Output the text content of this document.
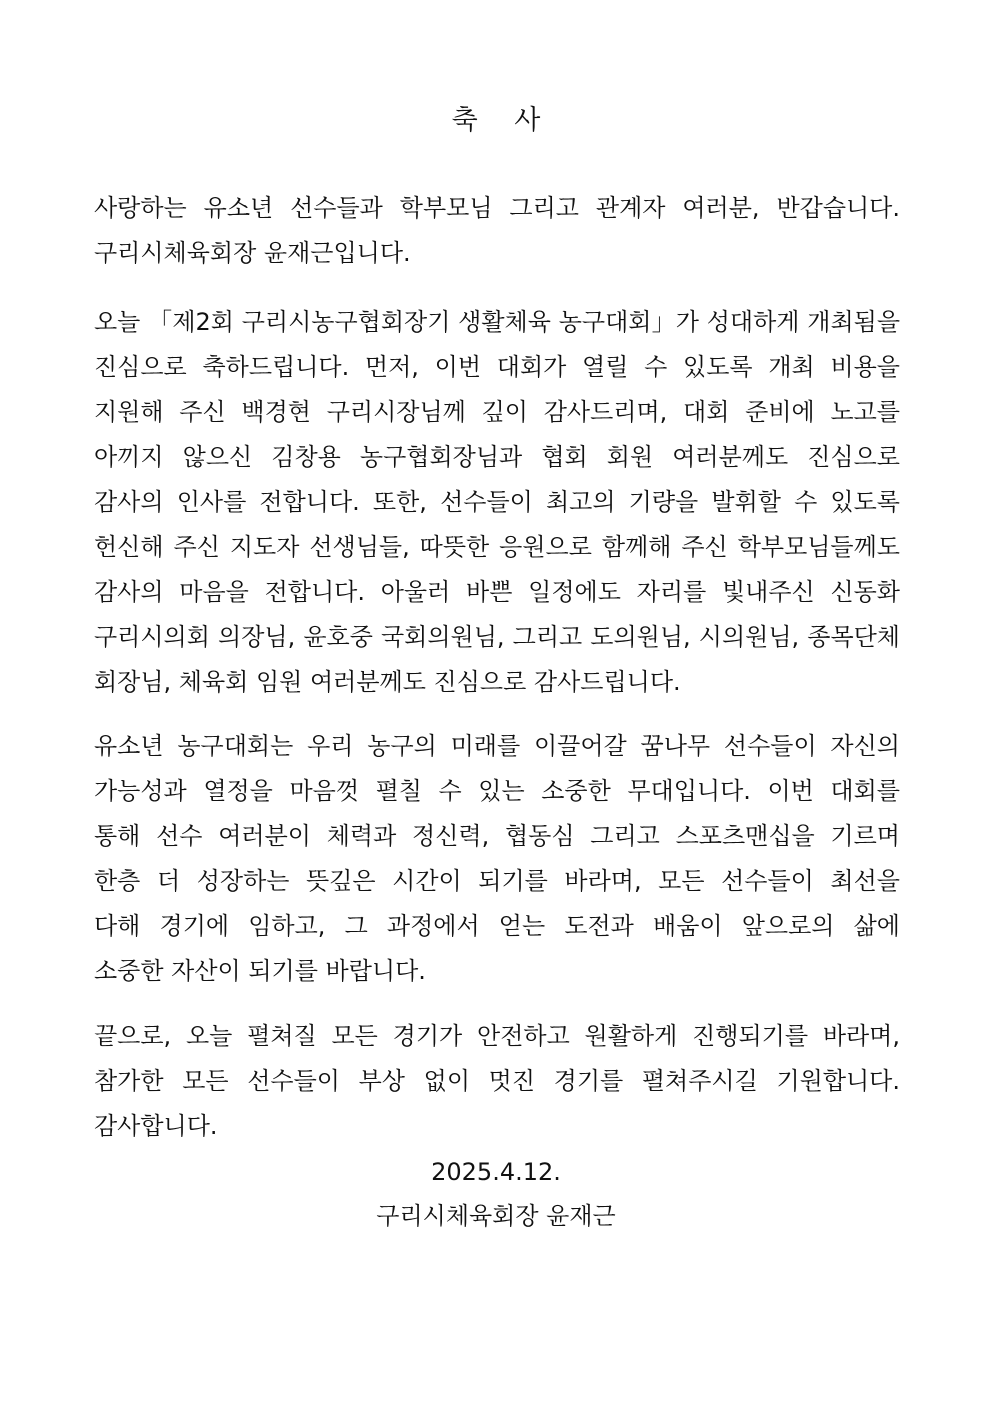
축 사
사랑하는 유소년 선수들과 학부모님 그리고 관계자 여러분, 반갑습니다.
구리시체육회장 윤재근입니다.
오늘 「제2회 구리시농구협회장기 생활체육 농구대회」가 성대하게 개최됨을
진심으로 축하드립니다. 먼저, 이번 대회가 열릴 수 있도록 개최 비용을
지원해 주신 백경현 구리시장님께 깊이 감사드리며, 대회 준비에 노고를
아끼지 않으신 김창용 농구협회장님과 협회 회원 여러분께도 진심으로
감사의 인사를 전합니다. 또한, 선수들이 최고의 기량을 발휘할 수 있도록
헌신해 주신 지도자 선생님들, 따뜻한 응원으로 함께해 주신 학부모님들께도
감사의 마음을 전합니다. 아울러 바쁜 일정에도 자리를 빛내주신 신동화
구리시의회 의장님, 윤호중 국회의원님, 그리고 도의원님, 시의원님, 종목단체
회장님, 체육회 임원 여러분께도 진심으로 감사드립니다.
유소년 농구대회는 우리 농구의 미래를 이끌어갈 꿈나무 선수들이 자신의
가능성과 열정을 마음껏 펼칠 수 있는 소중한 무대입니다. 이번 대회를
통해 선수 여러분이 체력과 정신력, 협동심 그리고 스포츠맨십을 기르며
한층 더 성장하는 뜻깊은 시간이 되기를 바라며, 모든 선수들이 최선을
다해 경기에 임하고, 그 과정에서 얻는 도전과 배움이 앞으로의 삶에
소중한 자산이 되기를 바랍니다.
끝으로, 오늘 펼쳐질 모든 경기가 안전하고 원활하게 진행되기를 바라며,
참가한 모든 선수들이 부상 없이 멋진 경기를 펼쳐주시길 기원합니다.
감사합니다.
2025.4.12.
구리시체육회장 윤재근
